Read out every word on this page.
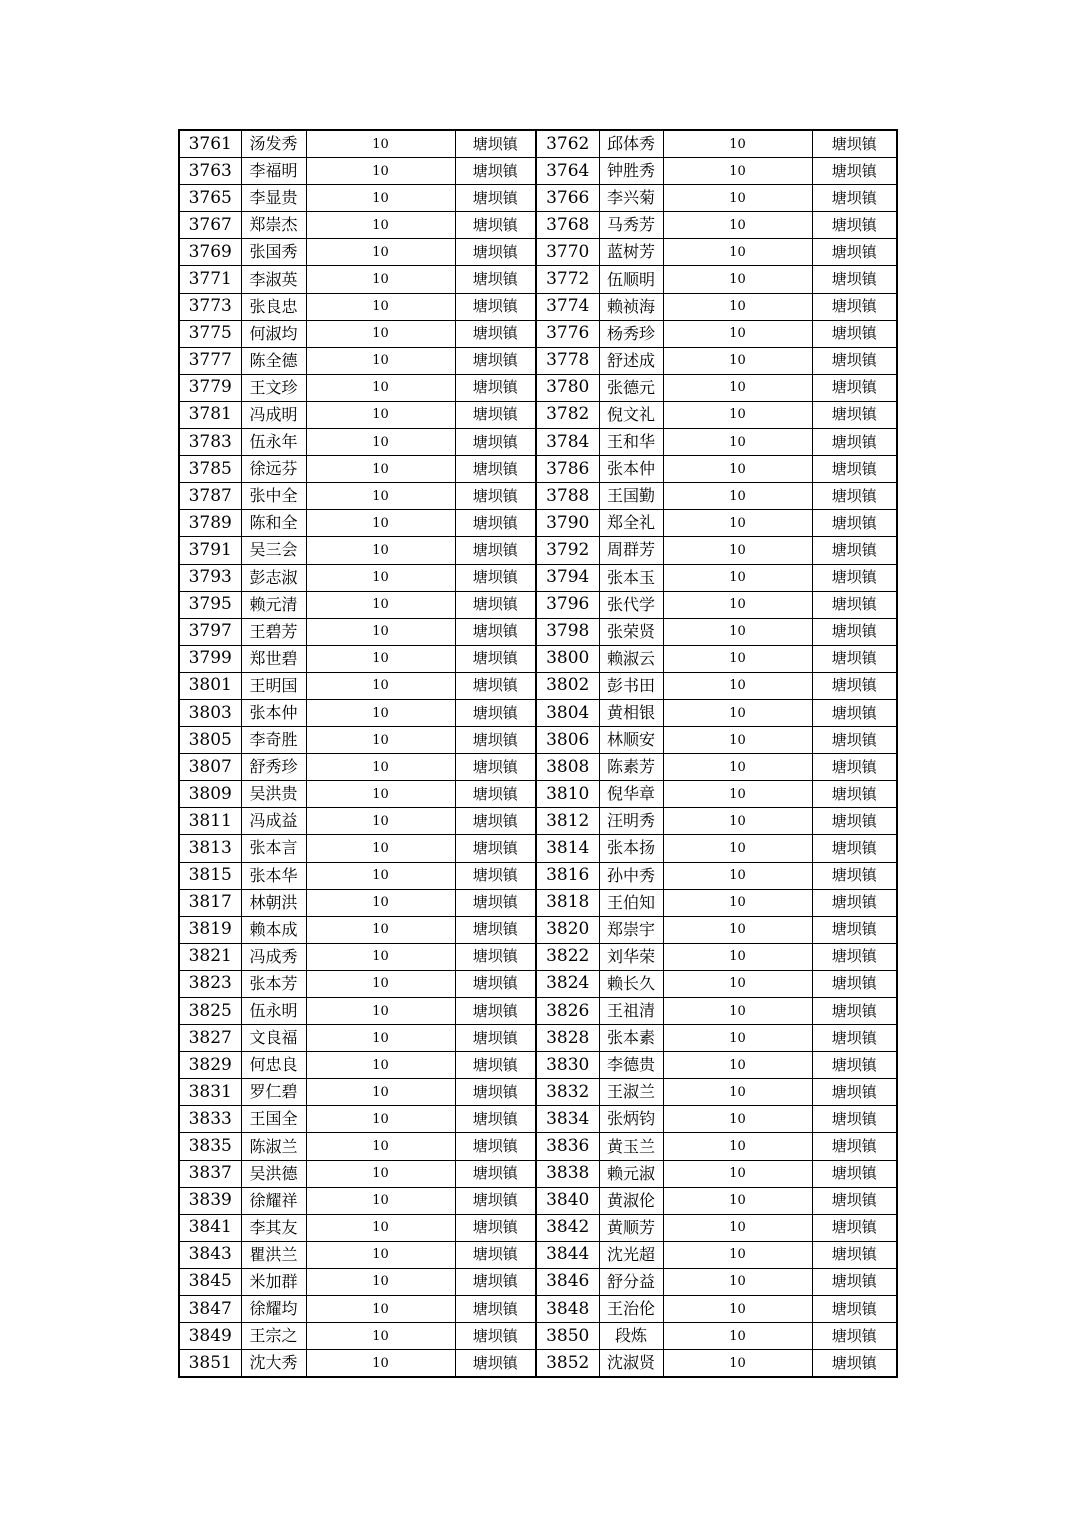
3761	汤发秀	10	塘坝镇	3762	邱体秀	10	塘坝镇
3763	李福明	10	塘坝镇	3764	钟胜秀	10	塘坝镇
3765	李显贵	10	塘坝镇	3766	李兴菊	10	塘坝镇
3767	郑崇杰	10	塘坝镇	3768	马秀芳	10	塘坝镇
3769	张国秀	10	塘坝镇	3770	蓝树芳	10	塘坝镇
3771	李淑英	10	塘坝镇	3772	伍顺明	10	塘坝镇
3773	张良忠	10	塘坝镇	3774	赖祯海	10	塘坝镇
3775	何淑均	10	塘坝镇	3776	杨秀珍	10	塘坝镇
3777	陈全德	10	塘坝镇	3778	舒述成	10	塘坝镇
3779	王文珍	10	塘坝镇	3780	张德元	10	塘坝镇
3781	冯成明	10	塘坝镇	3782	倪文礼	10	塘坝镇
3783	伍永年	10	塘坝镇	3784	王和华	10	塘坝镇
3785	徐远芬	10	塘坝镇	3786	张本仲	10	塘坝镇
3787	张中全	10	塘坝镇	3788	王国勤	10	塘坝镇
3789	陈和全	10	塘坝镇	3790	郑全礼	10	塘坝镇
3791	吴三会	10	塘坝镇	3792	周群芳	10	塘坝镇
3793	彭志淑	10	塘坝镇	3794	张本玉	10	塘坝镇
3795	赖元清	10	塘坝镇	3796	张代学	10	塘坝镇
3797	王碧芳	10	塘坝镇	3798	张荣贤	10	塘坝镇
3799	郑世碧	10	塘坝镇	3800	赖淑云	10	塘坝镇
3801	王明国	10	塘坝镇	3802	彭书田	10	塘坝镇
3803	张本仲	10	塘坝镇	3804	黄相银	10	塘坝镇
3805	李奇胜	10	塘坝镇	3806	林顺安	10	塘坝镇
3807	舒秀珍	10	塘坝镇	3808	陈素芳	10	塘坝镇
3809	吴洪贵	10	塘坝镇	3810	倪华章	10	塘坝镇
3811	冯成益	10	塘坝镇	3812	汪明秀	10	塘坝镇
3813	张本言	10	塘坝镇	3814	张本扬	10	塘坝镇
3815	张本华	10	塘坝镇	3816	孙中秀	10	塘坝镇
3817	林朝洪	10	塘坝镇	3818	王伯知	10	塘坝镇
3819	赖本成	10	塘坝镇	3820	郑崇宇	10	塘坝镇
3821	冯成秀	10	塘坝镇	3822	刘华荣	10	塘坝镇
3823	张本芳	10	塘坝镇	3824	赖长久	10	塘坝镇
3825	伍永明	10	塘坝镇	3826	王祖清	10	塘坝镇
3827	文良福	10	塘坝镇	3828	张本素	10	塘坝镇
3829	何忠良	10	塘坝镇	3830	李德贵	10	塘坝镇
3831	罗仁碧	10	塘坝镇	3832	王淑兰	10	塘坝镇
3833	王国全	10	塘坝镇	3834	张炳钧	10	塘坝镇
3835	陈淑兰	10	塘坝镇	3836	黄玉兰	10	塘坝镇
3837	吴洪德	10	塘坝镇	3838	赖元淑	10	塘坝镇
3839	徐耀祥	10	塘坝镇	3840	黄淑伦	10	塘坝镇
3841	李其友	10	塘坝镇	3842	黄顺芳	10	塘坝镇
3843	瞿洪兰	10	塘坝镇	3844	沈光超	10	塘坝镇
3845	米加群	10	塘坝镇	3846	舒分益	10	塘坝镇
3847	徐耀均	10	塘坝镇	3848	王治伦	10	塘坝镇
3849	王宗之	10	塘坝镇	3850	段炼	10	塘坝镇
3851	沈大秀	10	塘坝镇	3852	沈淑贤	10	塘坝镇
